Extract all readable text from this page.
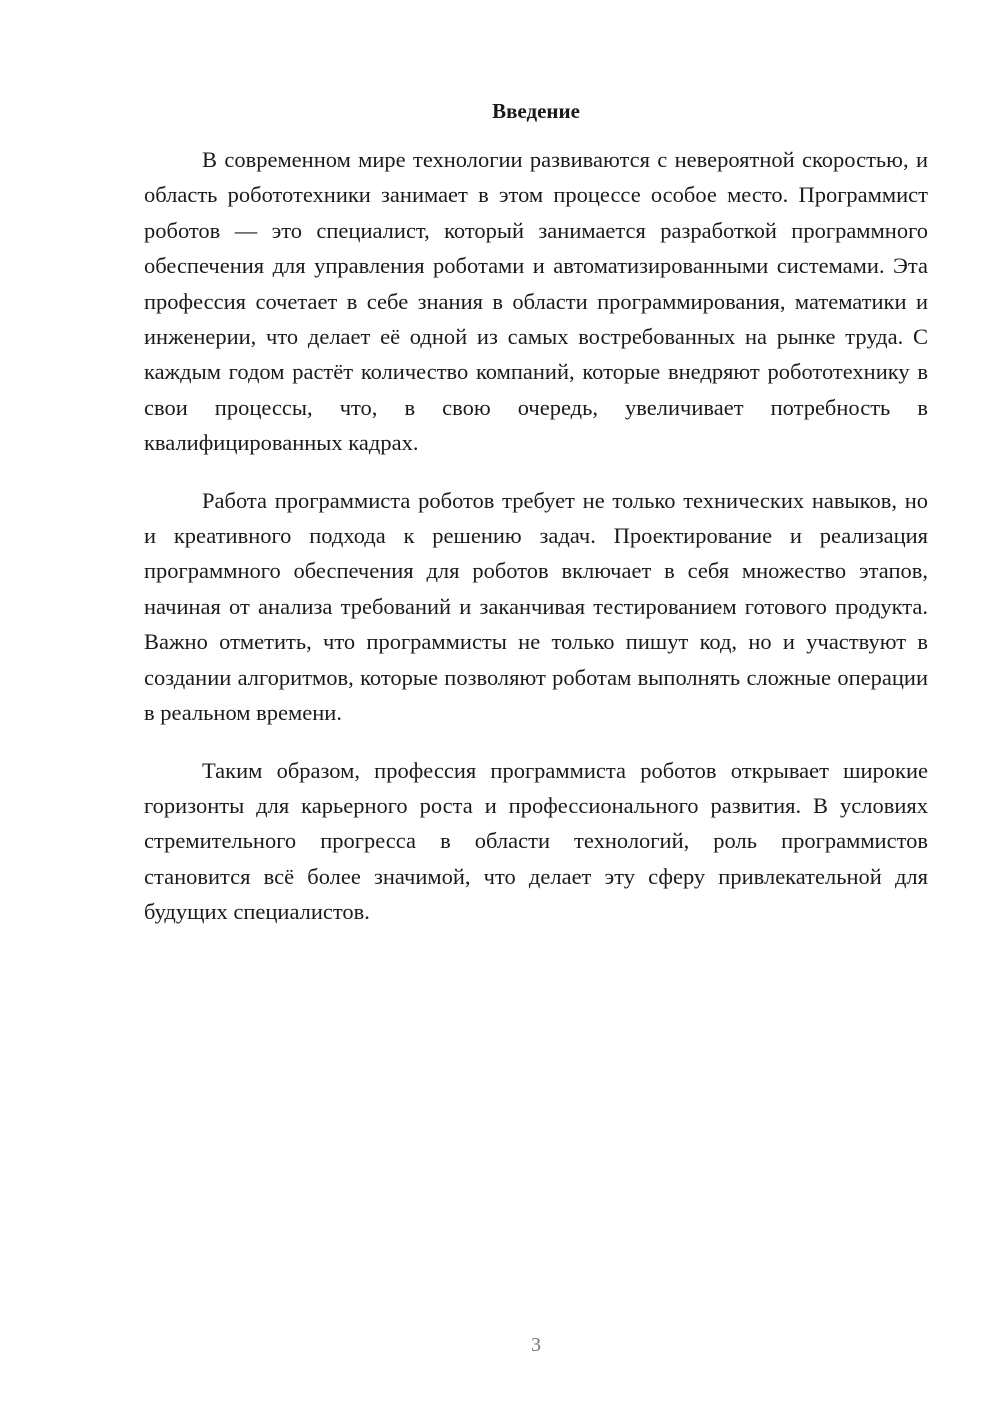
Введение

В современном мире технологии развиваются с невероятной скоростью, и область робототехники занимает в этом процессе особое место. Программист роботов — это специалист, который занимается разработкой программного обеспечения для управления роботами и автоматизированными системами. Эта профессия сочетает в себе знания в области программирования, математики и инженерии, что делает её одной из самых востребованных на рынке труда. С каждым годом растёт количество компаний, которые внедряют робототехнику в свои процессы, что, в свою очередь, увеличивает потребность в квалифицированных кадрах.

Работа программиста роботов требует не только технических навыков, но и креативного подхода к решению задач. Проектирование и реализация программного обеспечения для роботов включает в себя множество этапов, начиная от анализа требований и заканчивая тестированием готового продукта. Важно отметить, что программисты не только пишут код, но и участвуют в создании алгоритмов, которые позволяют роботам выполнять сложные операции в реальном времени.

Таким образом, профессия программиста роботов открывает широкие горизонты для карьерного роста и профессионального развития. В условиях стремительного прогресса в области технологий, роль программистов становится всё более значимой, что делает эту сферу привлекательной для будущих специалистов.

3
